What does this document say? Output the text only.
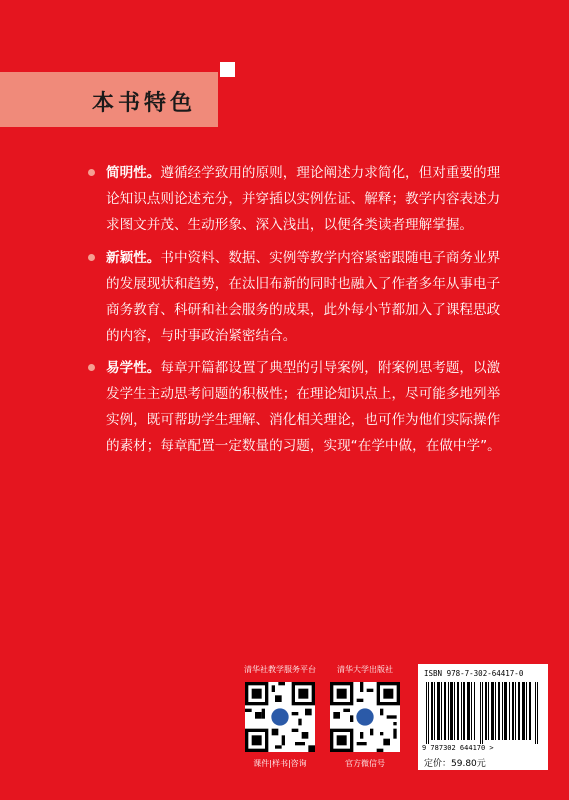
本书特色
简明性。遵循经学致用的原则，理论阐述力求简化，但对重要的理论知识点则论述充分，并穿插以实例佐证、解释；教学内容表述力求图文并茂、生动形象、深入浅出，以便各类读者理解掌握。
新颖性。书中资料、数据、实例等教学内容紧密跟随电子商务业界的发展现状和趋势，在汰旧布新的同时也融入了作者多年从事电子商务教育、科研和社会服务的成果，此外每小节都加入了课程思政的内容，与时事政治紧密结合。
易学性。每章开篇都设置了典型的引导案例，附案例思考题，以激发学生主动思考问题的积极性；在理论知识点上，尽可能多地列举实例，既可帮助学生理解、消化相关理论，也可作为他们实际操作的素材；每章配置一定数量的习题，实现“在学中做，在做中学”。
清华社教学服务平台
课件|样书|咨询
清华大学出版社
官方微信号
ISBN 978-7-302-64417-0
9 787302 644170 >
定价：59.80元
